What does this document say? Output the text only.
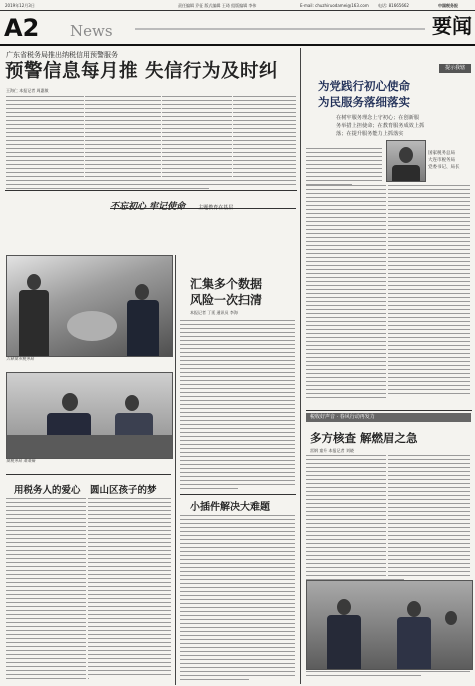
2019年12月3日	责任编辑 乔征 版式编辑 王琦 组版编辑 李伟	E-mail: chuzhiruodamei@163.com 电话: 81665662	中国税务报
A2 News	要闻
广东省税务局推出纳税信用预警服务
预警信息每月推 失信行为及时纠
王海仁 本报记者 周惠敏
提示我辖
为党践行初心使命
为民服务落细落实
在树牢服务理念上守初心；在创新服
务举措上担使命；在教育服务成效上抓
落；在提升服务能力上抓落实
国家税务总局
大连市税务局
党委书记、局长
不忘初心 牢记使命	主题教育在基层
吉林某市税务局
某税务局 某某摄
汇集多个数据
风险一次扫清
本报记者 丁延 通讯员 李海
小插件解决大难题
用税务人的爱心 圆山区孩子的梦
税收好声音 · 春风行动再发力
多方核查 解燃眉之急
雷钢 童升 本报记者 刘晓
